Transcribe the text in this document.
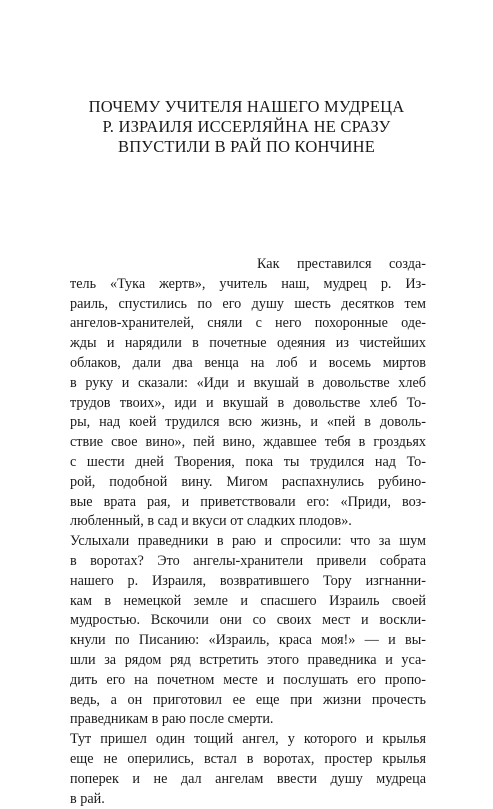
ПОЧЕМУ УЧИТЕЛЯ НАШЕГО МУДРЕЦА
Р. ИЗРАИЛЯ ИССЕРЛЯЙНА НЕ СРАЗУ
ВПУСТИЛИ В РАЙ ПО КОНЧИНЕ
Как преставился созда-
тель «Тука жертв», учитель наш, мудрец р. Из-
раиль, спустились по его душу шесть десятков тем
ангелов-хранителей, сняли с него похоронные оде-
жды и нарядили в почетные одеяния из чистейших
облаков, дали два венца на лоб и восемь миртов
в руку и сказали: «Иди и вкушай в довольстве хлеб
трудов твоих», иди и вкушай в довольстве хлеб То-
ры, над коей трудился всю жизнь, и «пей в доволь-
ствие свое вино», пей вино, ждавшее тебя в гроздьях
с шести дней Творения, пока ты трудился над То-
рой, подобной вину. Мигом распахнулись рубино-
вые врата рая, и приветствовали его: «Приди, воз-
любленный, в сад и вкуси от сладких плодов».
Услыхали праведники в раю и спросили: что за шум
в воротах? Это ангелы-хранители привели собрата
нашего р. Израиля, возвратившего Тору изгнанни-
кам в немецкой земле и спасшего Израиль своей
мудростью. Вскочили они со своих мест и воскли-
кнули по Писанию: «Израиль, краса моя!» — и вы-
шли за рядом ряд встретить этого праведника и уса-
дить его на почетном месте и послушать его пропо-
ведь, а он приготовил ее еще при жизни прочесть
праведникам в раю после смерти.
Тут пришел один тощий ангел, у которого и крылья
еще не оперились, встал в воротах, простер крылья
поперек и не дал ангелам ввести душу мудреца
в рай.
